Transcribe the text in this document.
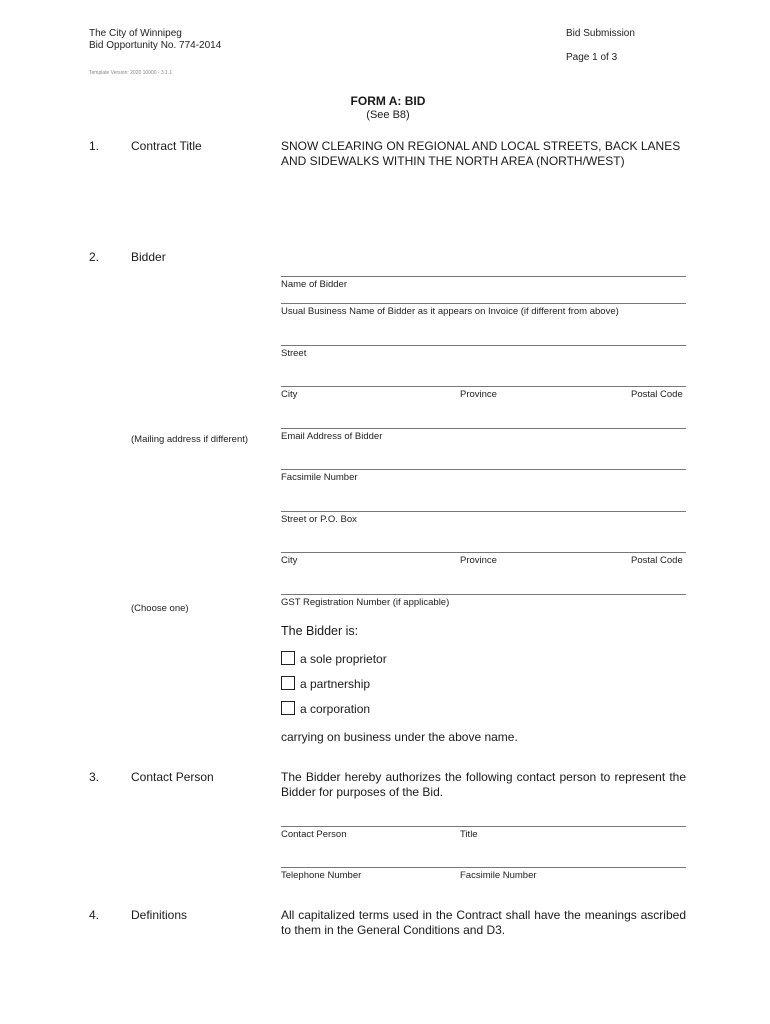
The City of Winnipeg
Bid Opportunity No. 774-2014
Bid Submission
Page 1 of 3
Template Version: 2020 10000 - 3.1.1
FORM A: BID
(See B8)
1.	Contract Title	SNOW CLEARING ON REGIONAL AND LOCAL STREETS, BACK LANES AND SIDEWALKS WITHIN THE NORTH AREA (NORTH/WEST)
2.	Bidder
Name of Bidder
Usual Business Name of Bidder as it appears on Invoice (if different from above)
Street
City	Province	Postal Code
(Mailing address if different)	Email Address of Bidder
Facsimile Number
Street or P.O. Box
City	Province	Postal Code
GST Registration Number (if applicable)
(Choose one)
The Bidder is:
a sole proprietor
a partnership
a corporation
carrying on business under the above name.
3.	Contact Person	The Bidder hereby authorizes the following contact person to represent the Bidder for purposes of the Bid.
Contact Person	Title
Telephone Number	Facsimile Number
4.	Definitions	All capitalized terms used in the Contract shall have the meanings ascribed to them in the General Conditions and D3.
